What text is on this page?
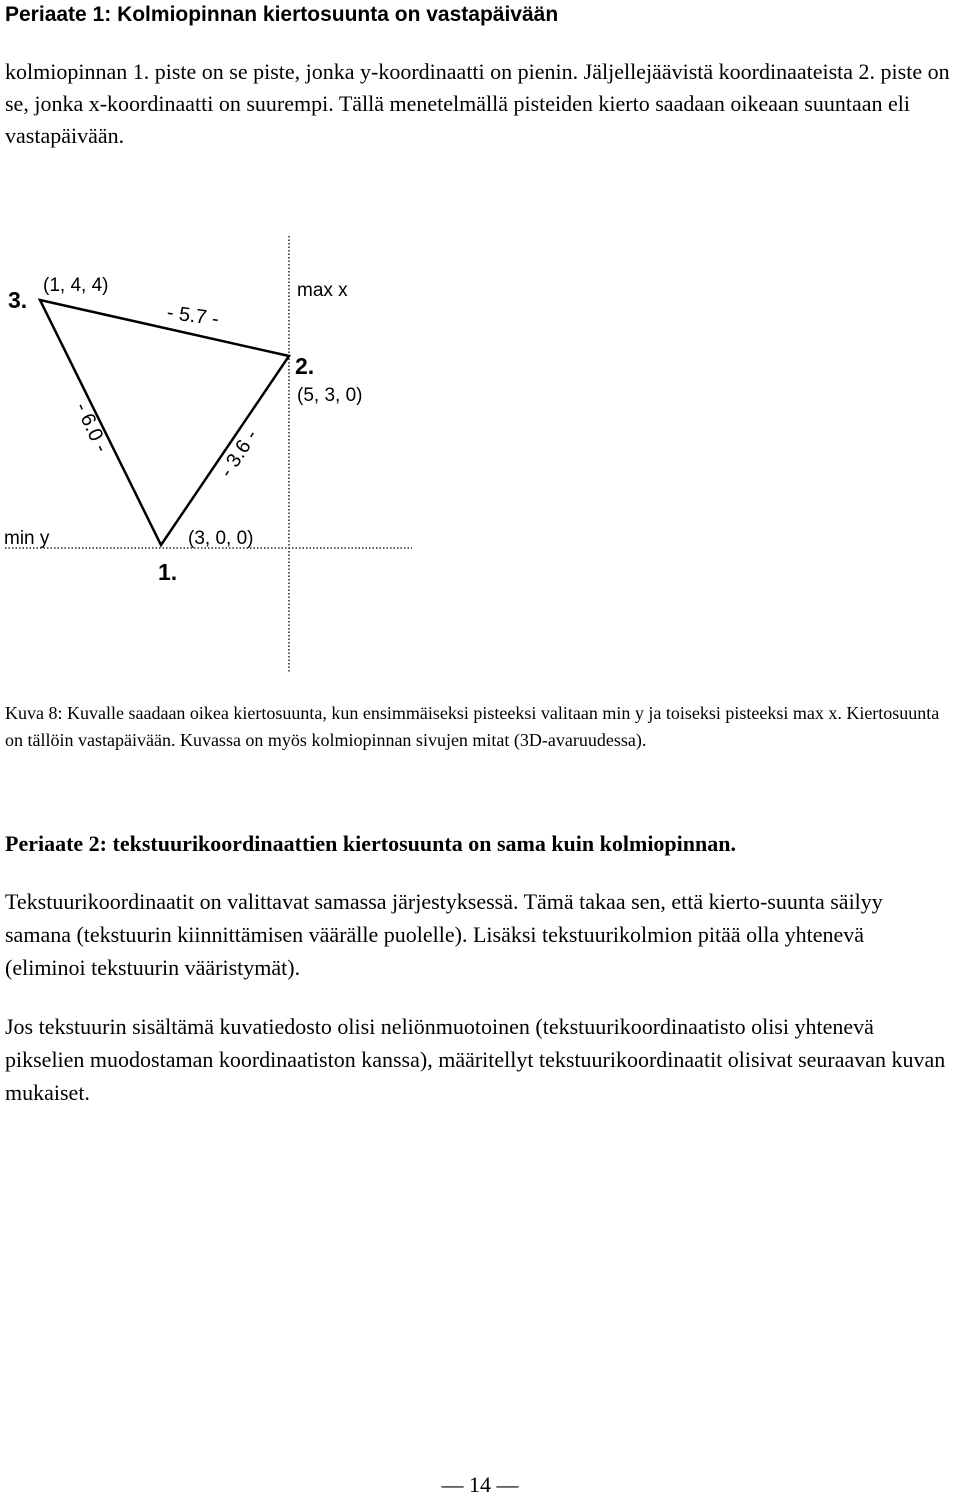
Periaate 1: Kolmiopinnan kiertosuunta on vastapäivään

kolmiopinnan 1. piste on se piste, jonka y-koordinaatti on pienin. Jäljellejäävistä koordinaateista 2. piste on se, jonka x-koordinaatti on suurempi. Tällä menetelmällä pisteiden kierto saadaan oikeaan suuntaan eli vastapäivään.

3.
(1, 4, 4)	max x
2.
(5, 3, 0)
min y	(3, 0, 0)
1.
- 5.7 -
- 6.0 -	- 3.6 -

Kuva 8: Kuvalle saadaan oikea kiertosuunta, kun ensimmäiseksi pisteeksi valitaan min y ja toiseksi pisteeksi max x. Kiertosuunta on tällöin vastapäivään. Kuvassa on myös kolmiopinnan sivujen mitat (3D-avaruudessa).

Periaate 2: tekstuurikoordinaattien kiertosuunta on sama kuin kolmiopinnan.

Tekstuurikoordinaatit on valittavat samassa järjestyksessä. Tämä takaa sen, että kierto-suunta säilyy samana (tekstuurin kiinnittämisen väärälle puolelle). Lisäksi tekstuurikolmion pitää olla yhtenevä (eliminoi tekstuurin vääristymät).

Jos tekstuurin sisältämä kuvatiedosto olisi neliönmuotoinen (tekstuurikoordinaatisto olisi yhtenevä pikselien muodostaman koordinaatiston kanssa), määritellyt tekstuurikoordinaatit olisivat seuraavan kuvan mukaiset.

— 14 —
